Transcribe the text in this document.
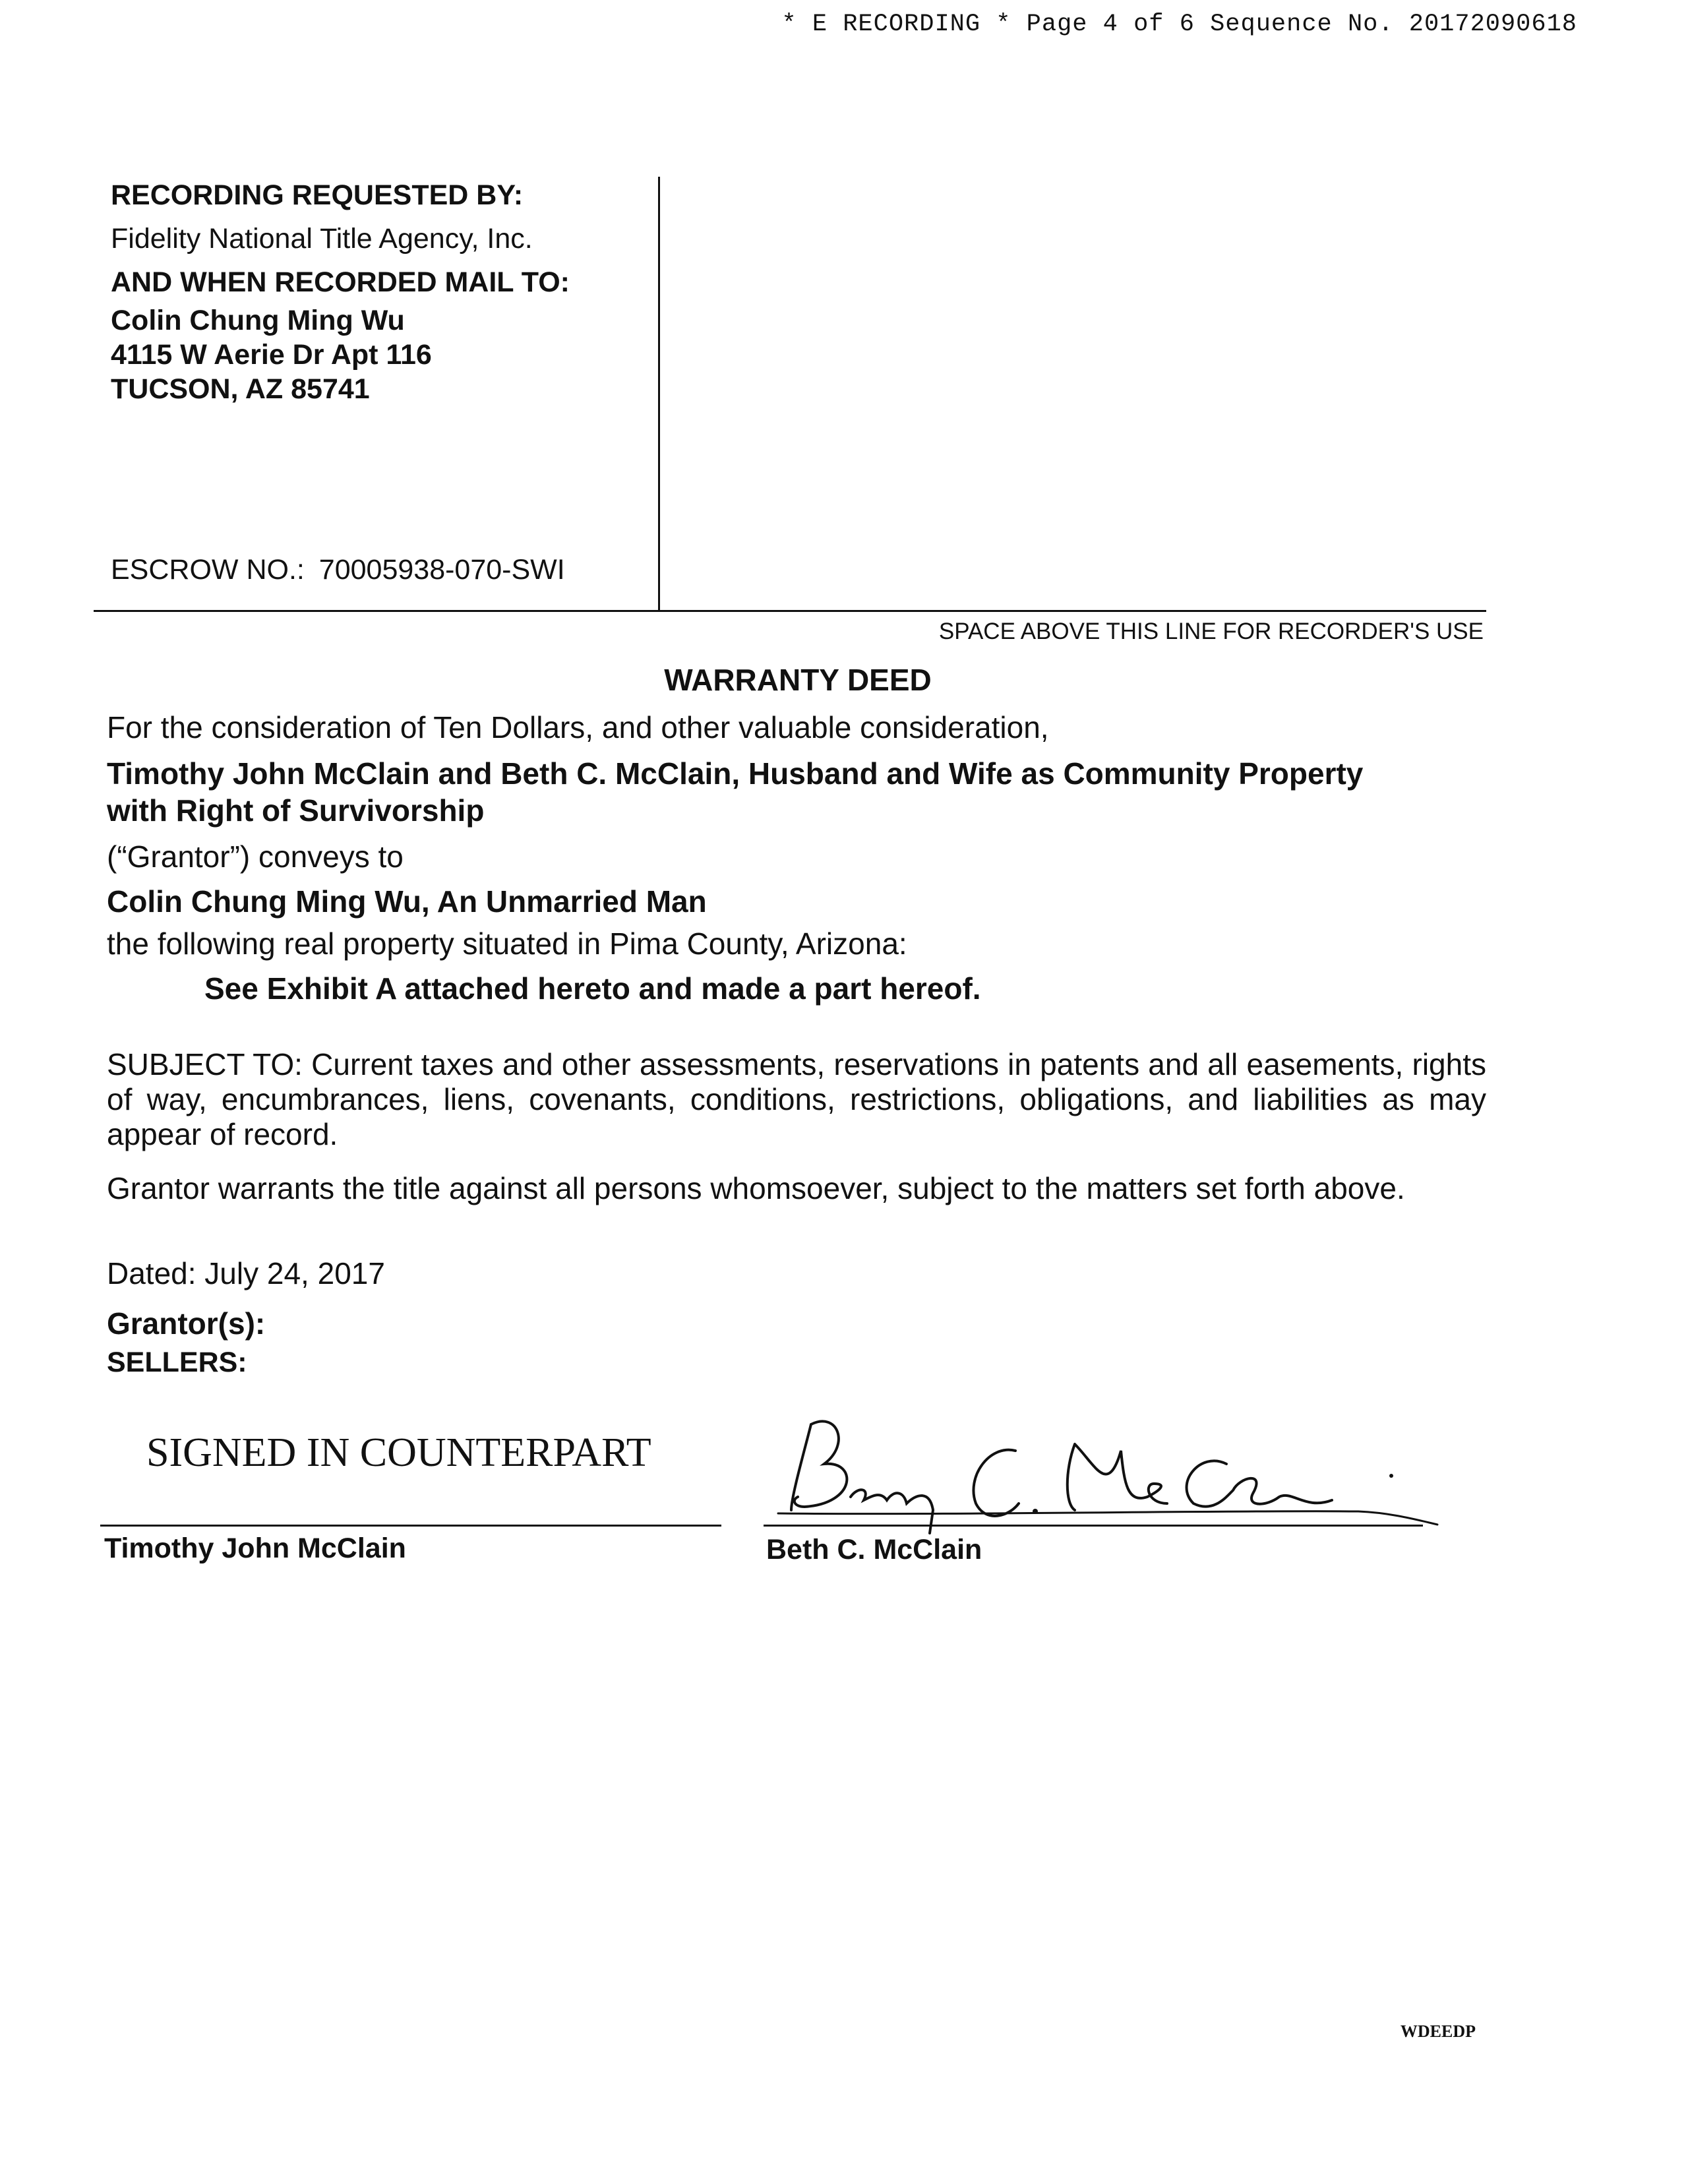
* E RECORDING * Page 4 of 6 Sequence No. 20172090618
RECORDING REQUESTED BY:
Fidelity National Title Agency, Inc.
AND WHEN RECORDED MAIL TO:
Colin Chung Ming Wu
4115 W Aerie Dr Apt 116
TUCSON, AZ 85741
ESCROW NO.: 70005938-070-SWI
SPACE ABOVE THIS LINE FOR RECORDER'S USE
WARRANTY DEED
For the consideration of Ten Dollars, and other valuable consideration,
Timothy John McClain and Beth C. McClain, Husband and Wife as Community Property
with Right of Survivorship
(“Grantor”) conveys to
Colin Chung Ming Wu, An Unmarried Man
the following real property situated in Pima County, Arizona:
See Exhibit A attached hereto and made a part hereof.
SUBJECT TO: Current taxes and other assessments, reservations in patents and all easements, rights of way, encumbrances, liens, covenants, conditions, restrictions, obligations, and liabilities as may appear of record.
Grantor warrants the title against all persons whomsoever, subject to the matters set forth above.
Dated: July 24, 2017
Grantor(s):
SELLERS:
SIGNED IN COUNTERPART
Timothy John McClain	Beth C. McClain
WDEEDP
